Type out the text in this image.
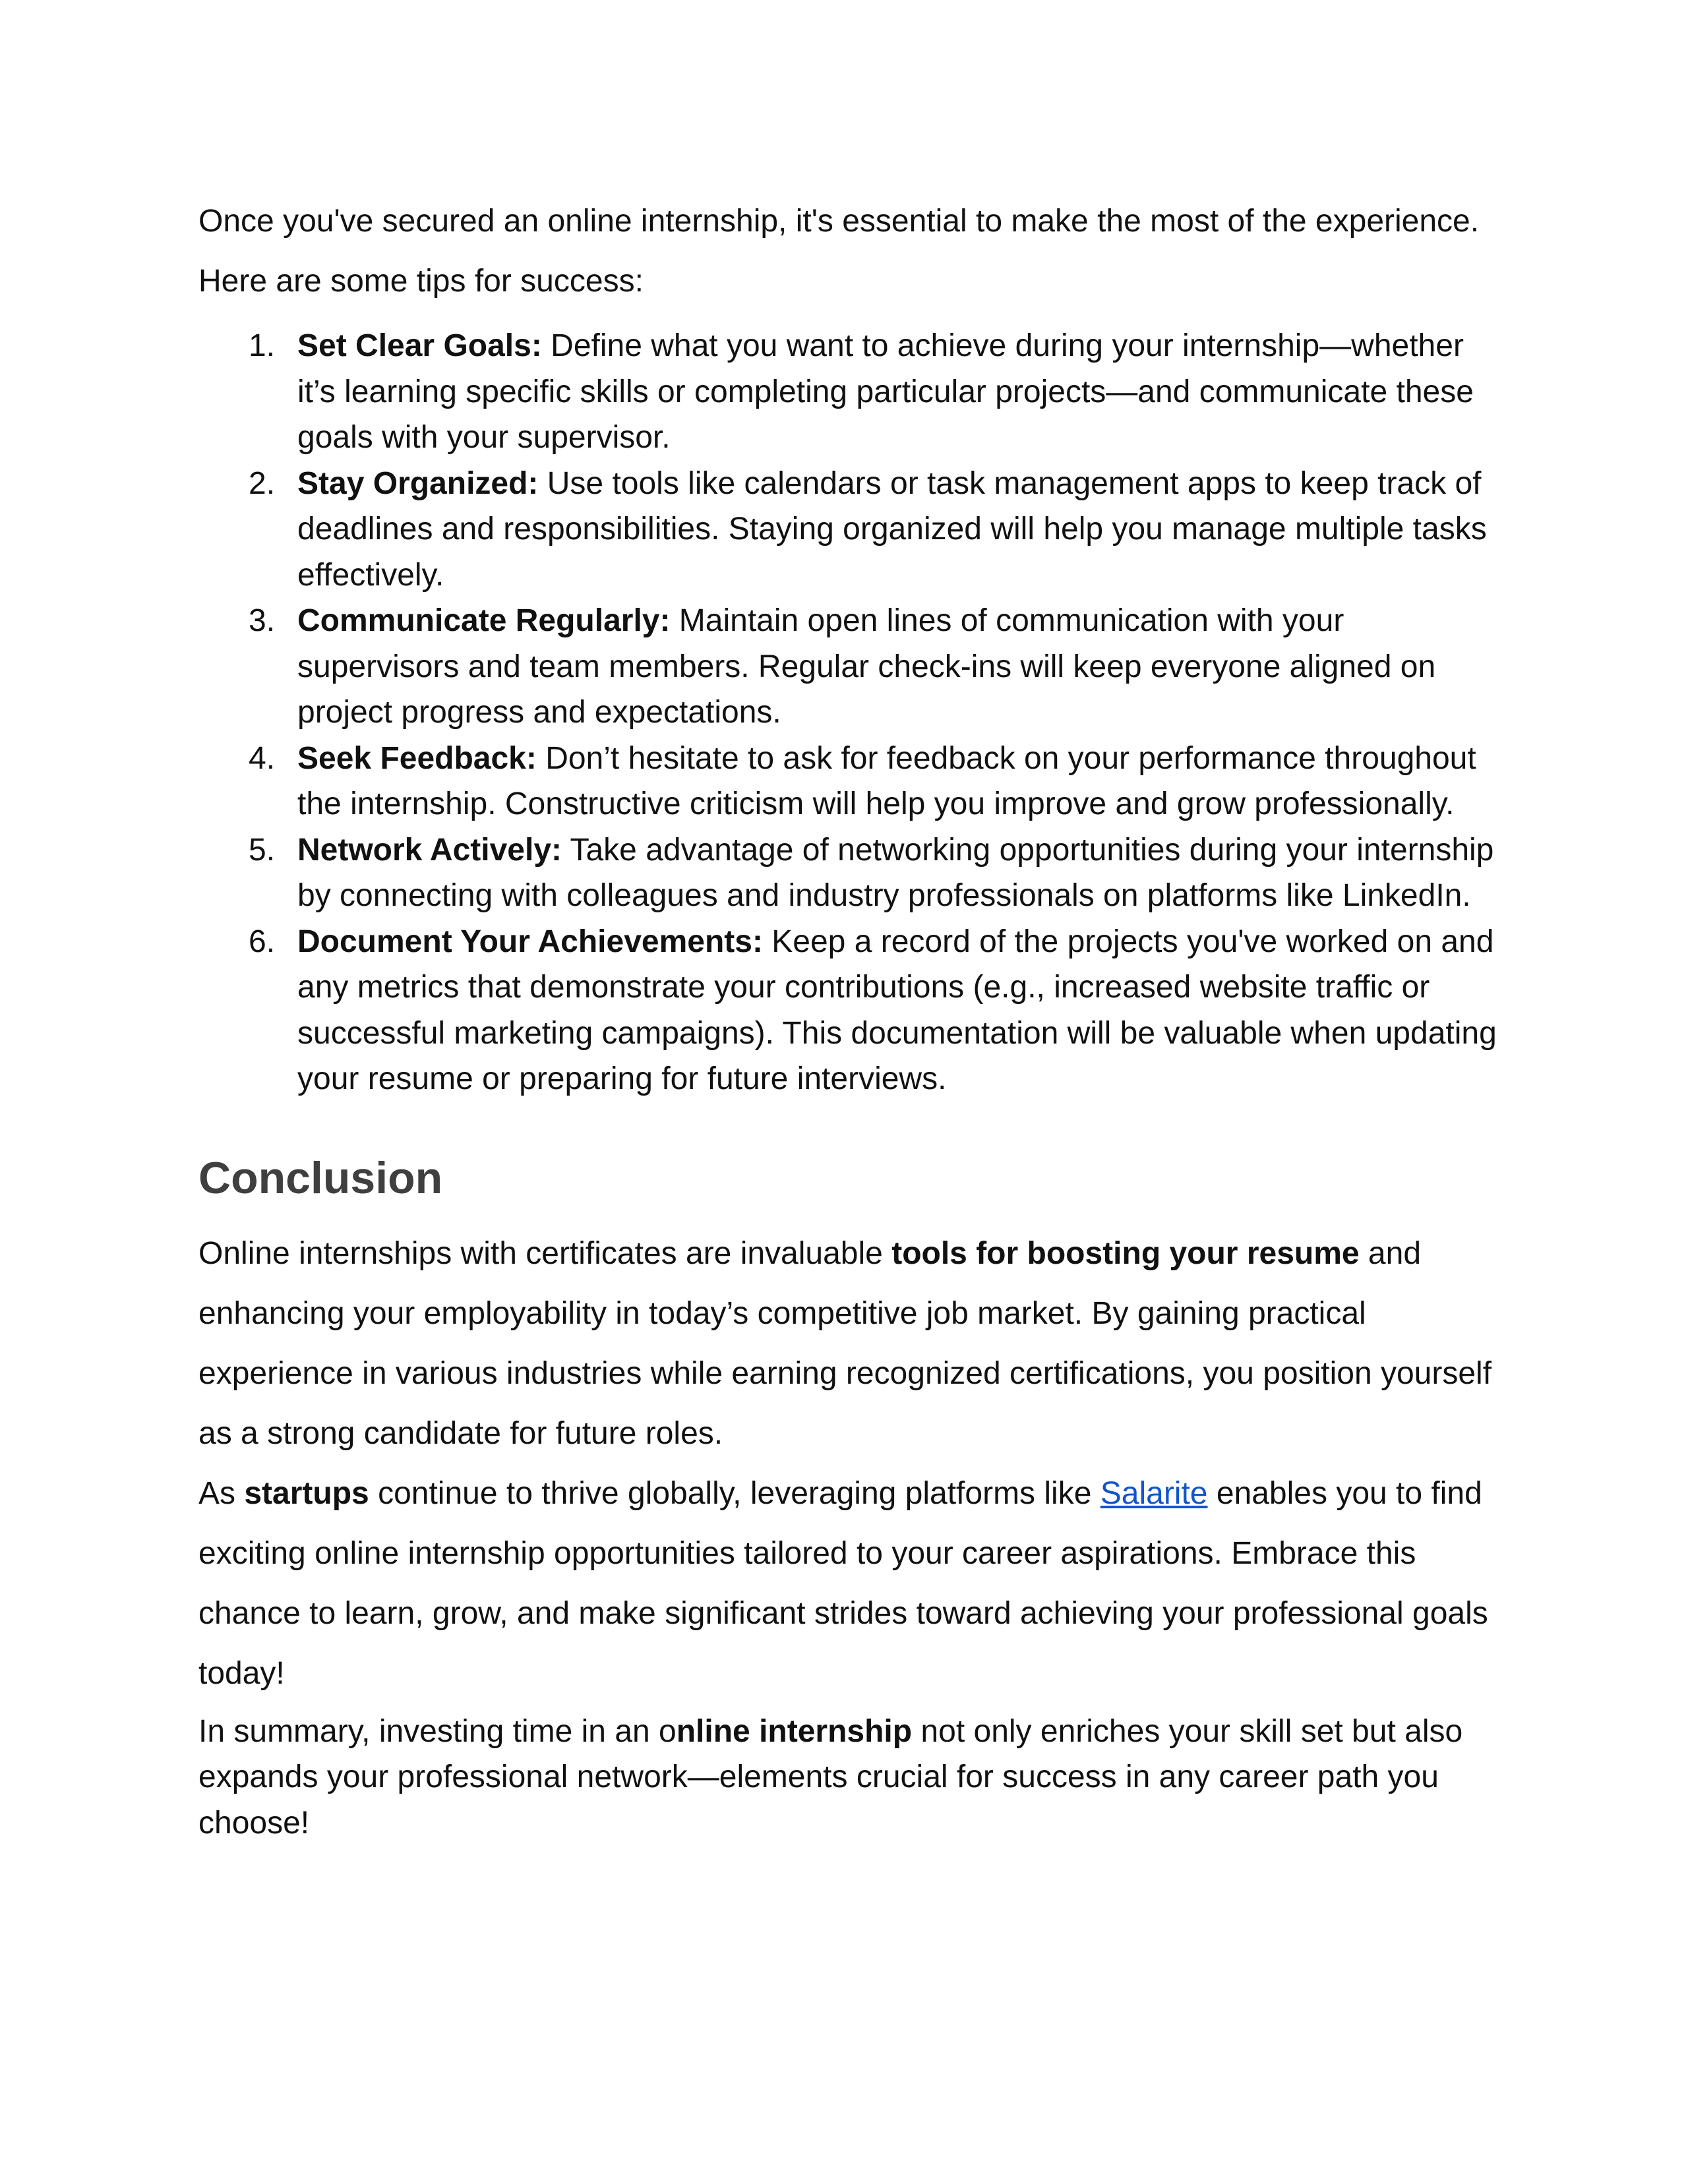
Once you've secured an online internship, it's essential to make the most of the experience. Here are some tips for success:

1. Set Clear Goals: Define what you want to achieve during your internship—whether it’s learning specific skills or completing particular projects—and communicate these goals with your supervisor.
2. Stay Organized: Use tools like calendars or task management apps to keep track of deadlines and responsibilities. Staying organized will help you manage multiple tasks effectively.
3. Communicate Regularly: Maintain open lines of communication with your supervisors and team members. Regular check-ins will keep everyone aligned on project progress and expectations.
4. Seek Feedback: Don’t hesitate to ask for feedback on your performance throughout the internship. Constructive criticism will help you improve and grow professionally.
5. Network Actively: Take advantage of networking opportunities during your internship by connecting with colleagues and industry professionals on platforms like LinkedIn.
6. Document Your Achievements: Keep a record of the projects you've worked on and any metrics that demonstrate your contributions (e.g., increased website traffic or successful marketing campaigns). This documentation will be valuable when updating your resume or preparing for future interviews.
Conclusion

Online internships with certificates are invaluable tools for boosting your resume and enhancing your employability in today’s competitive job market. By gaining practical experience in various industries while earning recognized certifications, you position yourself as a strong candidate for future roles.

As startups continue to thrive globally, leveraging platforms like Salarite enables you to find exciting online internship opportunities tailored to your career aspirations. Embrace this chance to learn, grow, and make significant strides toward achieving your professional goals today!

In summary, investing time in an online internship not only enriches your skill set but also expands your professional network—elements crucial for success in any career path you choose!
